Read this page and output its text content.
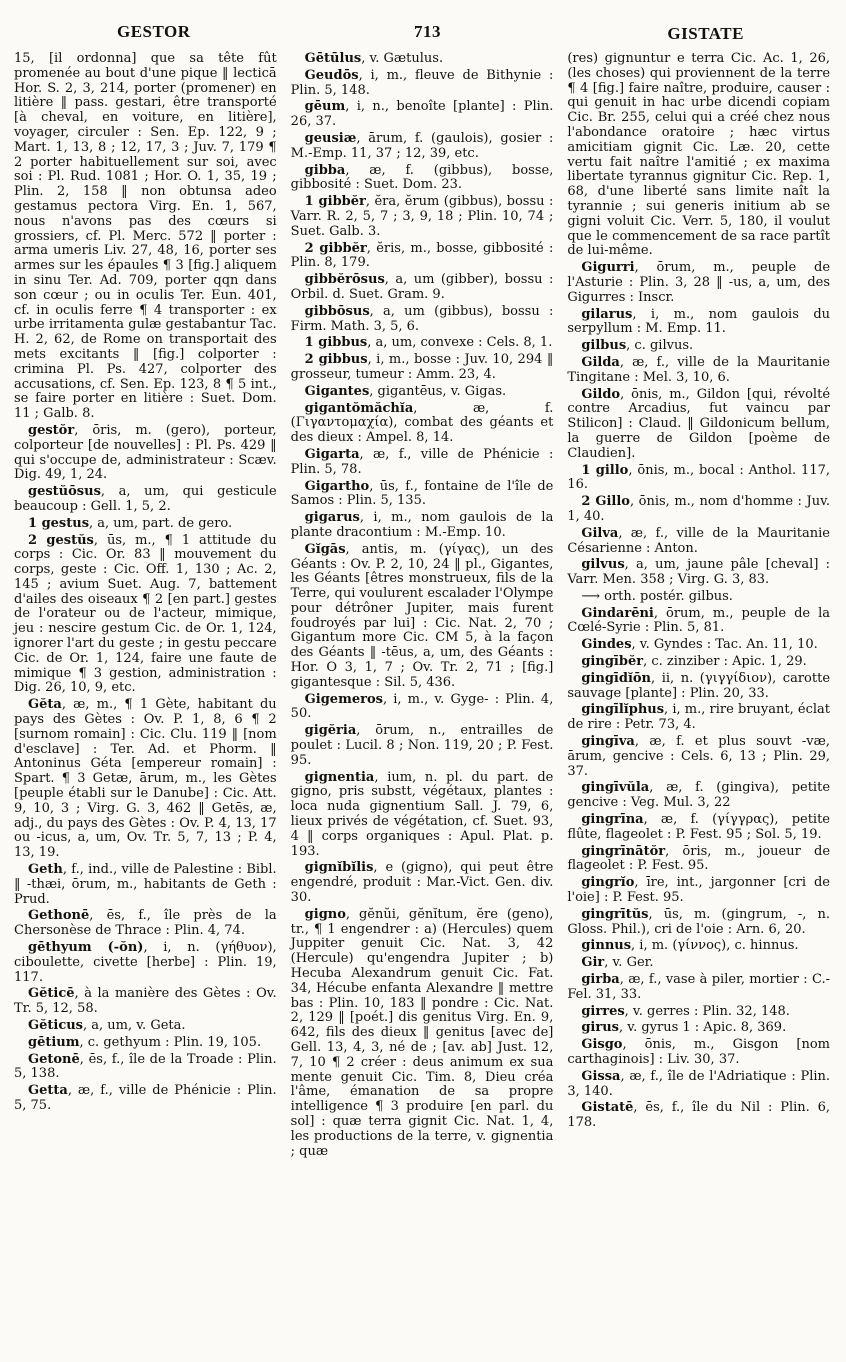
GESTOR	713	GISTATE

15, [il ordonna] que sa tête fût promenée au bout d'une pique ‖ lecticā Hor. S. 2, 3, 214, porter (promener) en litière ‖ pass. gestari, être transporté [à cheval, en voiture, en litière], voyager, circuler : Sen. Ep. 122, 9 ; Mart. 1, 13, 8 ; 12, 17, 3 ; Juv. 7, 179 ¶ 2 porter habituellement sur soi, avec soi : Pl. Rud. 1081 ; Hor. O. 1, 35, 19 ; Plin. 2, 158 ‖ non obtunsa adeo gestamus pectora Virg. En. 1, 567, nous n'avons pas des cœurs si grossiers, cf. Pl. Merc. 572 ‖ porter : arma umeris Liv. 27, 48, 16, porter ses armes sur les épaules ¶ 3 [fig.] aliquem in sinu Ter. Ad. 709, porter qqn dans son cœur ; ou in oculis Ter. Eun. 401, cf. in oculis ferre ¶ 4 transporter : ex urbe irritamenta gulæ gestabantur Tac. H. 2, 62, de Rome on transportait des mets excitants ‖ [fig.] colporter : crimina Pl. Ps. 427, colporter des accusations, cf. Sen. Ep. 123, 8 ¶ 5 int., se faire porter en litière : Suet. Dom. 11 ; Galb. 8.

gestŏr, ōris, m. (gero), porteur, colporteur [de nouvelles] : Pl. Ps. 429 ‖ qui s'occupe de, administrateur : Scæv. Dig. 49, 1, 24.

gestŭōsus, a, um, qui gesticule beaucoup : Gell. 1, 5, 2.

1 gestus, a, um, part. de gero.

2 gestŭs, ūs, m., ¶ 1 attitude du corps : Cic. Or. 83 ‖ mouvement du corps, geste : Cic. Off. 1, 130 ; Ac. 2, 145 ; avium Suet. Aug. 7, battement d'ailes des oiseaux ¶ 2 [en part.] gestes de l'orateur ou de l'acteur, mimique, jeu : nescire gestum Cic. de Or. 1, 124, ignorer l'art du geste ; in gestu peccare Cic. de Or. 1, 124, faire une faute de mimique ¶ 3 gestion, administration : Dig. 26, 10, 9, etc.

Gĕta, æ, m., ¶ 1 Gète, habitant du pays des Gètes : Ov. P. 1, 8, 6 ¶ 2 [surnom romain] : Cic. Clu. 119 ‖ [nom d'esclave] : Ter. Ad. et Phorm. ‖ Antoninus Géta [empereur romain] : Spart. ¶ 3 Getæ, ārum, m., les Gètes [peuple établi sur le Danube] : Cic. Att. 9, 10, 3 ; Virg. G. 3, 462 ‖ Getēs, æ, adj., du pays des Gètes : Ov. P. 4, 13, 17 ou -icus, a, um, Ov. Tr. 5, 7, 13 ; P. 4, 13, 19.

Geth, f., ind., ville de Palestine : Bibl. ‖ -thæi, ōrum, m., habitants de Geth : Prud.

Gethonē, ēs, f., île près de la Chersonèse de Thrace : Plin. 4, 74.

gēthyum (-ŏn), i, n. (γήθυον), ciboulette, civette [herbe] : Plin. 19, 117.

Gĕticē, à la manière des Gètes : Ov. Tr. 5, 12, 58.

Gĕticus, a, um, v. Geta.

gētium, c. gethyum : Plin. 19, 105.

Getonē, ēs, f., île de la Troade : Plin. 5, 138.

Getta, æ, f., ville de Phénicie : Plin. 5, 75.

Gētūlus, v. Gætulus.

Geudōs, i, m., fleuve de Bithynie : Plin. 5, 148.

gēum, i, n., benoîte [plante] : Plin. 26, 37.

geusiæ, ārum, f. (gaulois), gosier : M.-Emp. 11, 37 ; 12, 39, etc.

gibba, æ, f. (gibbus), bosse, gibbosité : Suet. Dom. 23.

1 gibbĕr, ĕra, ĕrum (gibbus), bossu : Varr. R. 2, 5, 7 ; 3, 9, 18 ; Plin. 10, 74 ; Suet. Galb. 3.

2 gibbĕr, ĕris, m., bosse, gibbosité : Plin. 8, 179.

gibbĕrōsus, a, um (gibber), bossu : Orbil. d. Suet. Gram. 9.

gibbōsus, a, um (gibbus), bossu : Firm. Math. 3, 5, 6.

1 gibbus, a, um, convexe : Cels. 8, 1.

2 gibbus, i, m., bosse : Juv. 10, 294 ‖ grosseur, tumeur : Amm. 23, 4.

Gigantes, gigantēus, v. Gigas.

gigantŏmăchĭa, æ, f. (Γιγαντομαχία), combat des géants et des dieux : Ampel. 8, 14.

Gigarta, æ, f., ville de Phénicie : Plin. 5, 78.

Gigartho, ūs, f., fontaine de l'île de Samos : Plin. 5, 135.

gigarus, i, m., nom gaulois de la plante dracontium : M.-Emp. 10.

Gĭgās, antis, m. (γίγας), un des Géants : Ov. P. 2, 10, 24 ‖ pl., Gigantes, les Géants [êtres monstrueux, fils de la Terre, qui voulurent escalader l'Olympe pour détrôner Jupiter, mais furent foudroyés par lui] : Cic. Nat. 2, 70 ; Gigantum more Cic. CM 5, à la façon des Géants ‖ -tēus, a, um, des Géants : Hor. O 3, 1, 7 ; Ov. Tr. 2, 71 ; [fig.] gigantesque : Sil. 5, 436.

Gigemeros, i, m., v. Gyge- : Plin. 4, 50.

gigĕria, ōrum, n., entrailles de poulet : Lucil. 8 ; Non. 119, 20 ; P. Fest. 95.

gignentia, ium, n. pl. du part. de gigno, pris substt, végétaux, plantes : loca nuda gignentium Sall. J. 79, 6, lieux privés de végétation, cf. Suet. 93, 4 ‖ corps organiques : Apul. Plat. p. 193.

gignĭbĭlis, e (gigno), qui peut être engendré, produit : Mar.-Vict. Gen. div. 30.

gigno, gĕnŭi, gĕnĭtum, ĕre (geno), tr., ¶ 1 engendrer : a) (Hercules) quem Juppiter genuit Cic. Nat. 3, 42 (Hercule) qu'engendra Jupiter ; b) Hecuba Alexandrum genuit Cic. Fat. 34, Hécube enfanta Alexandre ‖ mettre bas : Plin. 10, 183 ‖ pondre : Cic. Nat. 2, 129 ‖ [poét.] dis genitus Virg. En. 9, 642, fils des dieux ‖ genitus [avec de] Gell. 13, 4, 3, né de ; [av. ab] Just. 12, 7, 10 ¶ 2 créer : deus animum ex sua mente genuit Cic. Tim. 8, Dieu créa l'âme, émanation de sa propre intelligence ¶ 3 produire [en parl. du sol] : quæ terra gignit Cic. Nat. 1, 4, les productions de la terre, v. gignentia ; quæ

(res) gignuntur e terra Cic. Ac. 1, 26, (les choses) qui proviennent de la terre ¶ 4 [fig.] faire naître, produire, causer : qui genuit in hac urbe dicendi copiam Cic. Br. 255, celui qui a créé chez nous l'abondance oratoire ; hæc virtus amicitiam gignit Cic. Læ. 20, cette vertu fait naître l'amitié ; ex maxima libertate tyrannus gignitur Cic. Rep. 1, 68, d'une liberté sans limite naît la tyrannie ; sui generis initium ab se gigni voluit Cic. Verr. 5, 180, il voulut que le commencement de sa race partît de lui-même.

Gigurri, ōrum, m., peuple de l'Asturie : Plin. 3, 28 ‖ -us, a, um, des Gigurres : Inscr.

gilarus, i, m., nom gaulois du serpyllum : M. Emp. 11.

gilbus, c. gilvus.

Gilda, æ, f., ville de la Mauritanie Tingitane : Mel. 3, 10, 6.

Gildo, ōnis, m., Gildon [qui, révolté contre Arcadius, fut vaincu par Stilicon] : Claud. ‖ Gildonicum bellum, la guerre de Gildon [poème de Claudien].

1 gillo, ōnis, m., bocal : Anthol. 117, 16.

2 Gillo, ōnis, m., nom d'homme : Juv. 1, 40.

Gilva, æ, f., ville de la Mauritanie Césarienne : Anton.

gilvus, a, um, jaune pâle [cheval] : Varr. Men. 358 ; Virg. G. 3, 83.

⟶ orth. postér. gilbus.

Gindarēni, ōrum, m., peuple de la Cœlé-Syrie : Plin. 5, 81.

Gindes, v. Gyndes : Tac. An. 11, 10.

gingībĕr, c. zinziber : Apic. 1, 29.

gingīdĭōn, ii, n. (γιγγίδιον), carotte sauvage [plante] : Plin. 20, 33.

gingīlĭphus, i, m., rire bruyant, éclat de rire : Petr. 73, 4.

gingīva, æ, f. et plus souvt -væ, ārum, gencive : Cels. 6, 13 ; Plin. 29, 37.

gingīvŭla, æ, f. (gingiva), petite gencive : Veg. Mul. 3, 22

gingrīna, æ, f. (γίγγρας), petite flûte, flageolet : P. Fest. 95 ; Sol. 5, 19.

gingrīnātŏr, ōris, m., joueur de flageolet : P. Fest. 95.

gingrĭo, īre, int., jargonner [cri de l'oie] : P. Fest. 95.

gingrītŭs, ūs, m. (gingrum, -, n. Gloss. Phil.), cri de l'oie : Arn. 6, 20.

ginnus, i, m. (γίννος), c. hinnus.

Gir, v. Ger.

girba, æ, f., vase à piler, mortier : C.- Fel. 31, 33.

girres, v. gerres : Plin. 32, 148.

girus, v. gyrus 1 : Apic. 8, 369.

Gisgo, ōnis, m., Gisgon [nom carthaginois] : Liv. 30, 37.

Gissa, æ, f., île de l'Adriatique : Plin. 3, 140.

Gistatē, ēs, f., île du Nil : Plin. 6, 178.
